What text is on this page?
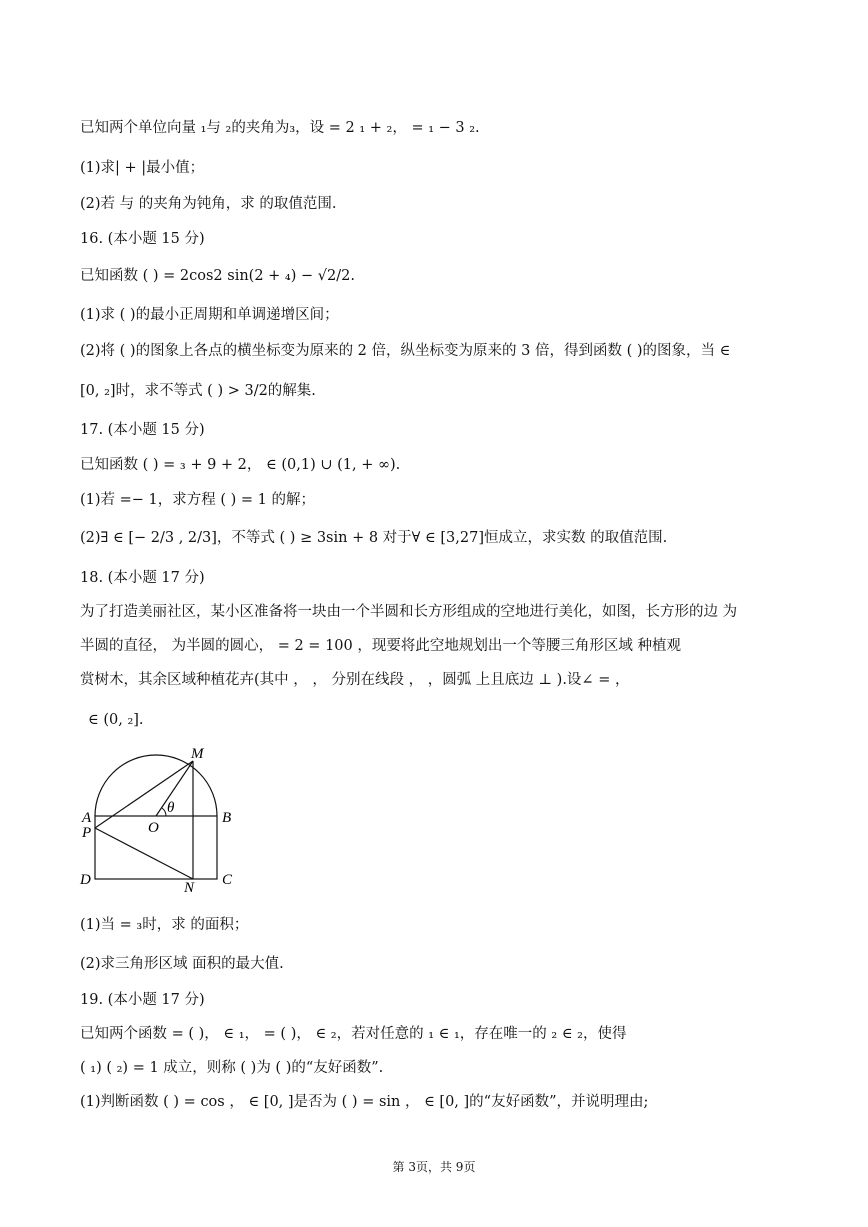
已知两个单位向量 ₁与 ₂的夹角为₃，设 = 2 ₁ + ₂， = ₁ − 3 ₂.
(1)求| + |最小值；
(2)若 与 的夹角为钝角，求 的取值范围.
16. (本小题 15 分)
已知函数 ( ) = 2cos2 sin(2 + ₄) − √2/2.
(1)求 ( )的最小正周期和单调递增区间；
(2)将 ( )的图象上各点的横坐标变为原来的 2 倍，纵坐标变为原来的 3 倍，得到函数 ( )的图象，当 ∈
[0, ₂]时，求不等式 ( ) > 3/2的解集.
17. (本小题 15 分)
已知函数 ( ) = ₃ + 9 + 2， ∈ (0,1) ∪ (1, + ∞).
(1)若 =− 1，求方程 ( ) = 1 的解；
(2)∃ ∈ [− 2/3 , 2/3]，不等式 ( ) ≥ 3sin + 8 对于∀ ∈ [3,27]恒成立，求实数 的取值范围.
18. (本小题 17 分)
为了打造美丽社区，某小区准备将一块由一个半圆和长方形组成的空地进行美化，如图，长方形的边 为
半圆的直径， 为半圆的圆心， = 2 = 100 ，现要将此空地规划出一个等腰三角形区域 种植观
赏树木，其余区域种植花卉(其中 ， ， 分别在线段 ， ，圆弧 上且底边 ⊥ ).设∠ = ，
∈ (0, ₂].
M
A	B
P	O
θ
D	N C
(1)当 = ₃时，求 的面积；
(2)求三角形区域 面积的最大值.
19. (本小题 17 分)
已知两个函数 = ( )， ∈ ₁， = ( )， ∈ ₂，若对任意的 ₁ ∈ ₁，存在唯一的 ₂ ∈ ₂，使得
( ₁) ( ₂) = 1 成立，则称 ( )为 ( )的“友好函数”.
(1)判断函数 ( ) = cos ， ∈ [0, ]是否为 ( ) = sin ， ∈ [0, ]的“友好函数”，并说明理由;
第 3页，共 9页
